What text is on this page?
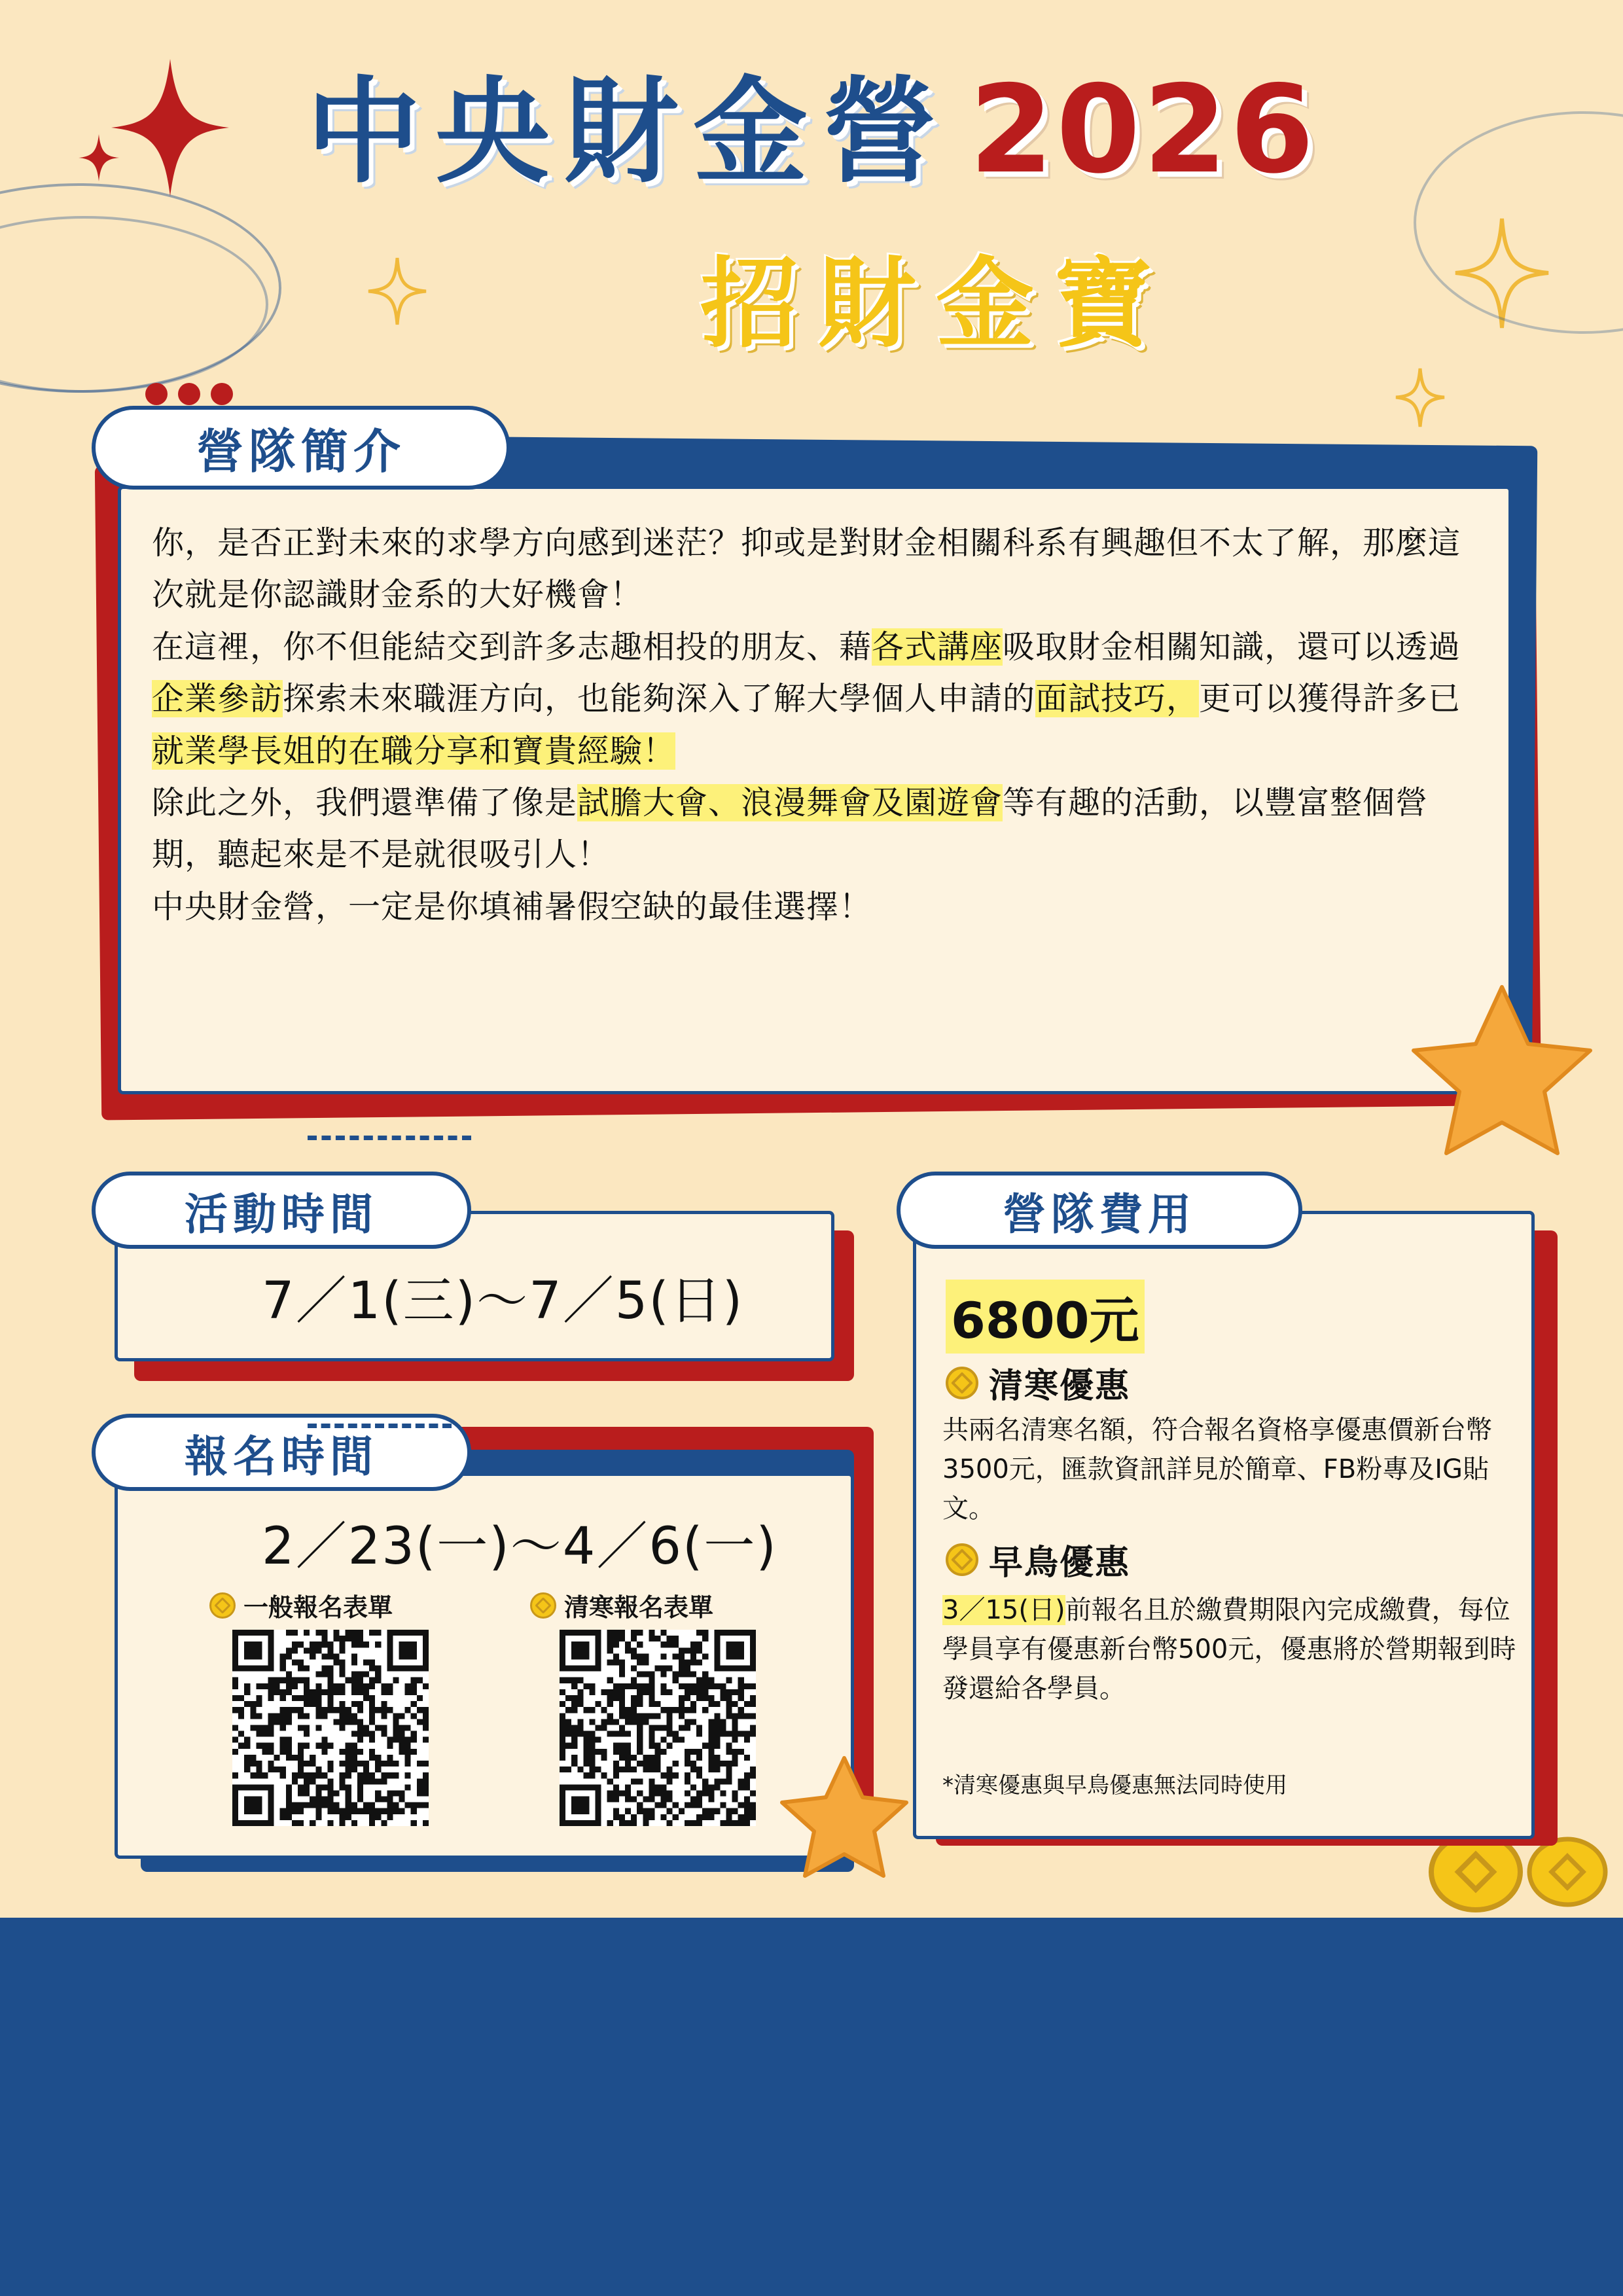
中央財金營 2026
招財金寶
營隊簡介

你，是否正對未來的求學方向感到迷茫？抑或是對財金相關科系有興趣但不太了解，那麼這次就是你認識財金系的大好機會！

在這裡，你不但能結交到許多志趣相投的朋友、藉各式講座吸取財金相關知識，還可以透過企業參訪探索未來職涯方向，也能夠深入了解大學個人申請的面試技巧，更可以獲得許多已就業學長姐的在職分享和寶貴經驗！

除此之外，我們還準備了像是試膽大會、浪漫舞會及園遊會等有趣的活動，以豐富整個營期，聽起來是不是就很吸引人！

中央財金營，一定是你填補暑假空缺的最佳選擇！

活動時間
7／1(三)～7／5(日)
報名時間
2／23(一)～4／6(一)
一般報名表單	清寒報名表單
營隊費用
6800元
清寒優惠
共兩名清寒名額，符合報名資格享優惠價新台幣3500元，匯款資訊詳見於簡章、FB粉專及IG貼文。
早鳥優惠
3／15(日)前報名且於繳費期限內完成繳費，每位學員享有優惠新台幣500元，優惠將於營期報到時發還給各學員。
*清寒優惠與早鳥優惠無法同時使用
